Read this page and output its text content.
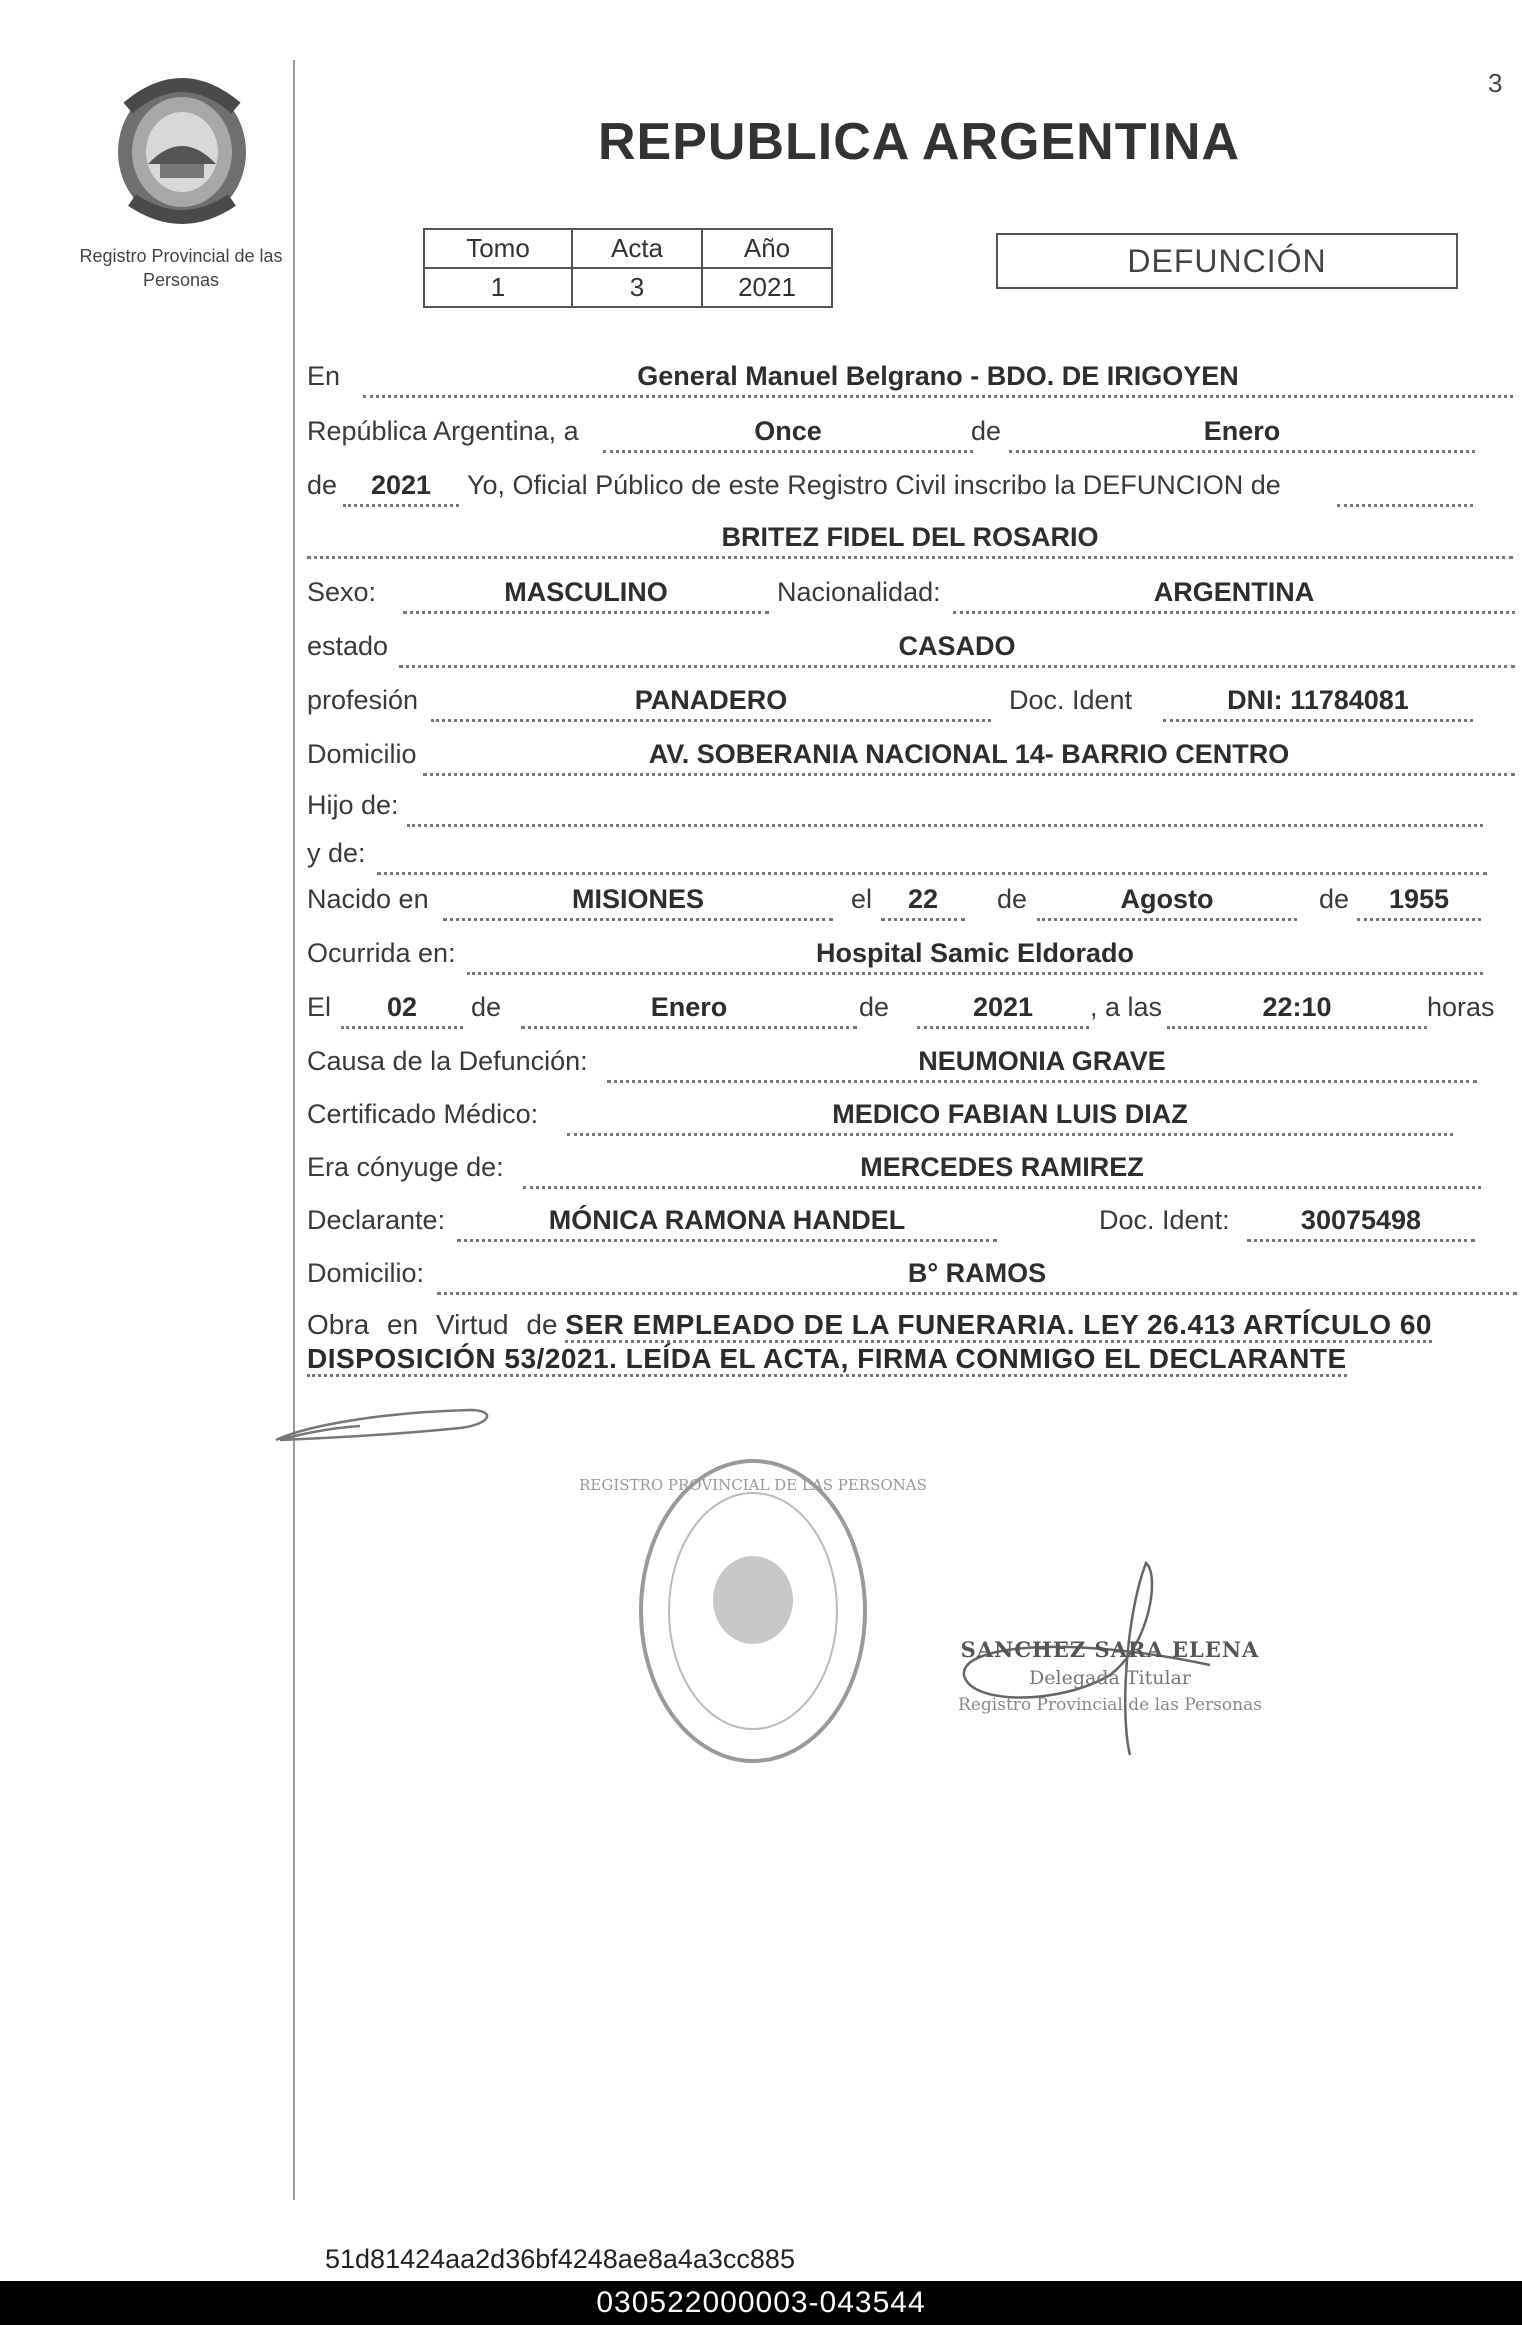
3
Registro Provincial de las Personas
REPUBLICA ARGENTINA
Tomo	Acta	Año
1	3	2021
DEFUNCIÓN
En	General Manuel Belgrano - BDO. DE IRIGOYEN
República Argentina, a	Once	de	Enero
de	2021	Yo, Oficial Público de este Registro Civil inscribo la DEFUNCION de
BRITEZ FIDEL DEL ROSARIO
Sexo:	MASCULINO	Nacionalidad:	ARGENTINA
estado	CASADO
profesión	PANADERO	Doc. Ident	DNI: 11784081
Domicilio	AV. SOBERANIA NACIONAL 14- BARRIO CENTRO
Hijo de:
y de:
Nacido en	MISIONES	el	22	de	Agosto	de	1955
Ocurrida en:	Hospital Samic Eldorado
El	02	de	Enero	de	2021	, a las	22:10	horas
Causa de la Defunción:	NEUMONIA GRAVE
Certificado Médico:	MEDICO FABIAN LUIS DIAZ
Era cónyuge de:	MERCEDES RAMIREZ
Declarante:	MÓNICA RAMONA HANDEL	Doc. Ident:	30075498
Domicilio:	B° RAMOS
Obra en Virtud de SER EMPLEADO DE LA FUNERARIA. LEY 26.413 ARTÍCULO 60 DISPOSICIÓN 53/2021. LEÍDA EL ACTA, FIRMA CONMIGO EL DECLARANTE
REGISTRO PROVINCIAL DE LAS PERSONAS
SANCHEZ SARA ELENA
Delegada Titular
Registro Provincial de las Personas
51d81424aa2d36bf4248ae8a4a3cc885
030522000003-043544
